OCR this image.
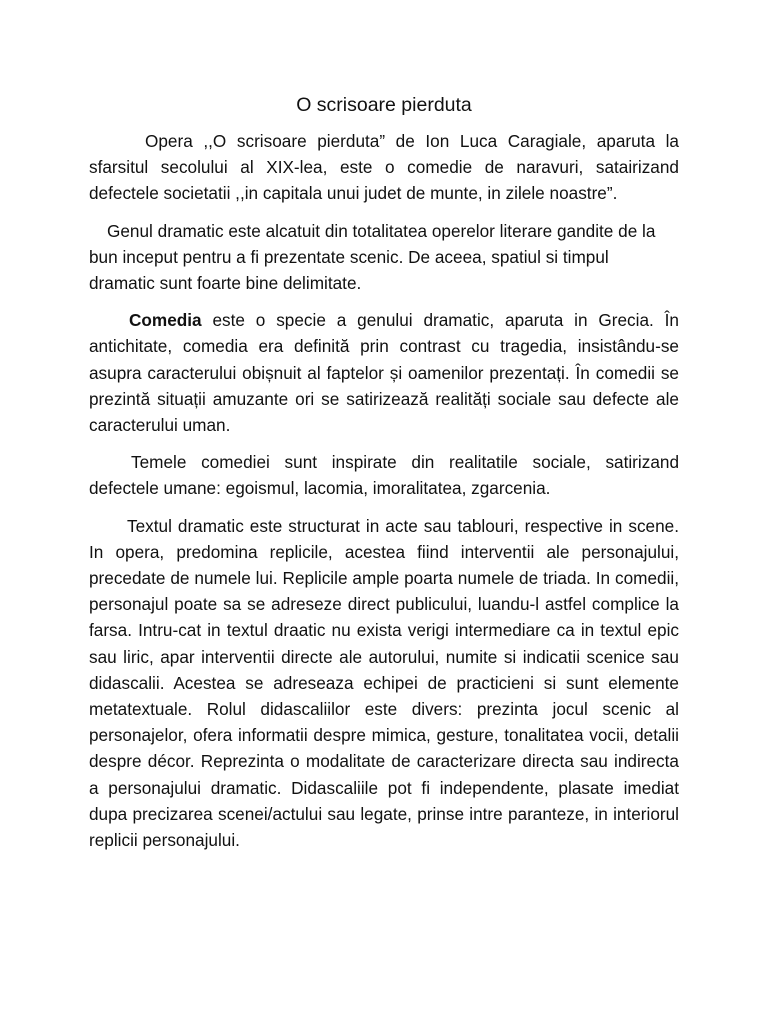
O scrisoare pierduta

Opera ,,O scrisoare pierduta” de Ion Luca Caragiale, aparuta la sfarsitul secolului al XIX-lea, este o comedie de naravuri, satairizand defectele societatii ,,in capitala unui judet de munte, in zilele noastre”.

Genul dramatic este alcatuit din totalitatea operelor literare gandite de la bun inceput pentru a fi prezentate scenic. De aceea, spatiul si timpul dramatic sunt foarte bine delimitate.

Comedia este o specie a genului dramatic, aparuta in Grecia. În antichitate, comedia era definită prin contrast cu tragedia, insistându-se asupra caracterului obișnuit al faptelor și oamenilor prezentați. În comedii se prezintă situații amuzante ori se satirizează realități sociale sau defecte ale caracterului uman.

Temele comediei sunt inspirate din realitatile sociale, satirizand defectele umane: egoismul, lacomia, imoralitatea, zgarcenia.

Textul dramatic este structurat in acte sau tablouri, respective in scene. In opera, predomina replicile, acestea fiind interventii ale personajului, precedate de numele lui. Replicile ample poarta numele de triada. In comedii, personajul poate sa se adreseze direct publicului, luandu-l astfel complice la farsa. Intru-cat in textul draatic nu exista verigi intermediare ca in textul epic sau liric, apar interventii directe ale autorului, numite si indicatii scenice sau didascalii. Acestea se adreseaza echipei de practicieni si sunt elemente metatextuale. Rolul didascaliilor este divers: prezinta jocul scenic al personajelor, ofera informatii despre mimica, gesture, tonalitatea vocii, detalii despre décor. Reprezinta o modalitate de caracterizare directa sau indirecta a personajului dramatic. Didascaliile pot fi independente, plasate imediat dupa precizarea scenei/actului sau legate, prinse intre paranteze, in interiorul replicii personajului.
